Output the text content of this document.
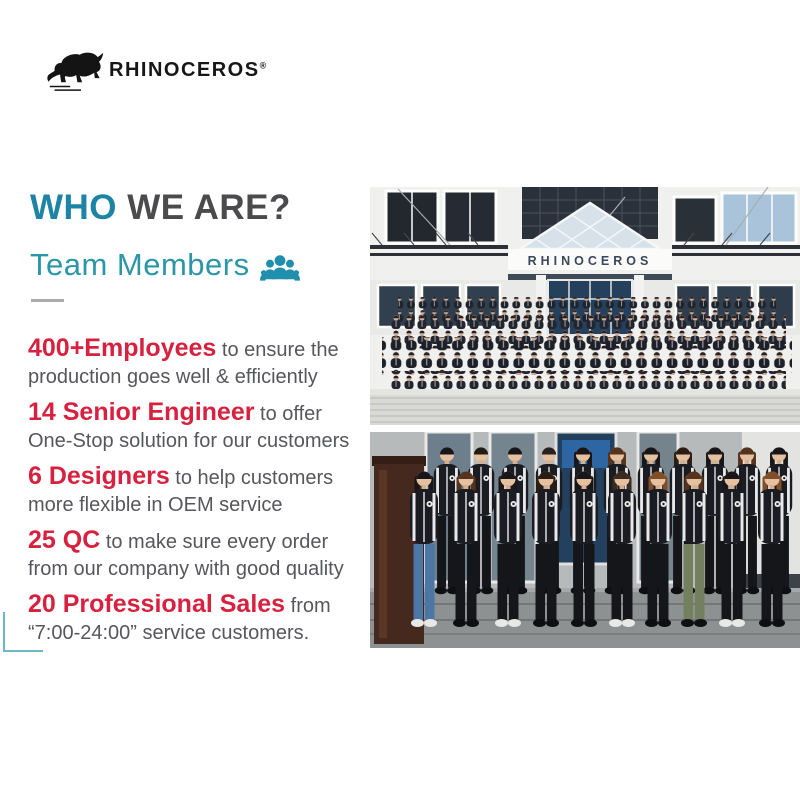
RHINOCEROS®
WHO WE ARE?
Team Members
400+Employees to ensure the
production goes well & efficiently
14 Senior Engineer to offer
One-Stop solution for our customers
6 Designers to help customers
more flexible in OEM service
25 QC to make sure every order
from our company with good quality
20 Professional Sales from
“7:00-24:00” service customers.
RHINOCEROS
